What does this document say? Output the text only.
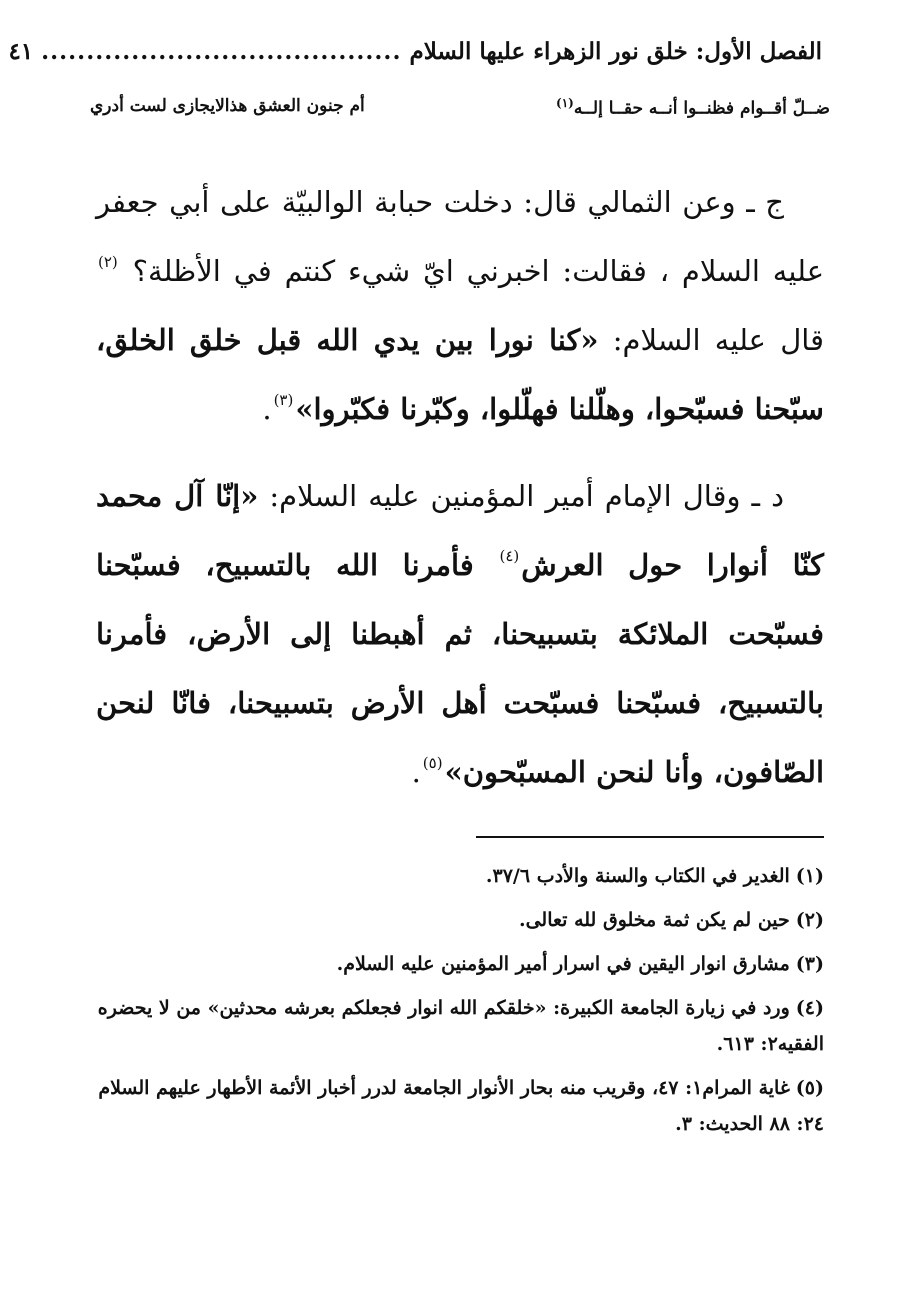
الفصل الأول: خلق نور الزهراء عليها السلام
........................................
٤١
ضــلّ أقــوام فظنــوا أنــه حقــا إلــه$^{(١)}$
أم جنون العشق هذالايجازى لست أدري

ج ـ وعن الثمالي قال: دخلت حبابة الوالبيّة على أبي جعفر عليه السلام ، فقالت: اخبرني ايّ شيء كنتم في الأظلة؟ $^{(٢)}$ قال عليه السلام: «كنا نورا بين يدي الله قبل خلق الخلق، سبّحنا فسبّحوا، وهلّلنا فهلّلوا، وكبّرنا فكبّروا»$^{(٣)}$.

د ـ وقال الإمام أمير المؤمنين عليه السلام: «إنّا آل محمد كنّا أنوارا حول العرش$^{(٤)}$ فأمرنا الله بالتسبيح، فسبّحنا فسبّحت الملائكة بتسبيحنا، ثم أهبطنا إلى الأرض، فأمرنا بالتسبيح، فسبّحنا فسبّحت أهل الأرض بتسبيحنا، فانّا لنحن الصّافون، وأنا لنحن المسبّحون»$^{(٥)}$.

(١)الغدير في الكتاب والسنة والأدب ٣٧/٦.
(٢)حين لم يكن ثمة مخلوق لله تعالى.
(٣)مشارق انوار اليقين في اسرار أمير المؤمنين عليه السلام.
(٤)ورد في زيارة الجامعة الكبيرة: «خلقكم الله انوار فجعلكم بعرشه محدثين» من لا يحضره الفقيه٢: ٦١٣.
(٥)غاية المرام١: ٤٧، وقريب منه بحار الأنوار الجامعة لدرر أخبار الأئمة الأطهار عليهم السلام ٢٤: ٨٨ الحديث: ٣.
